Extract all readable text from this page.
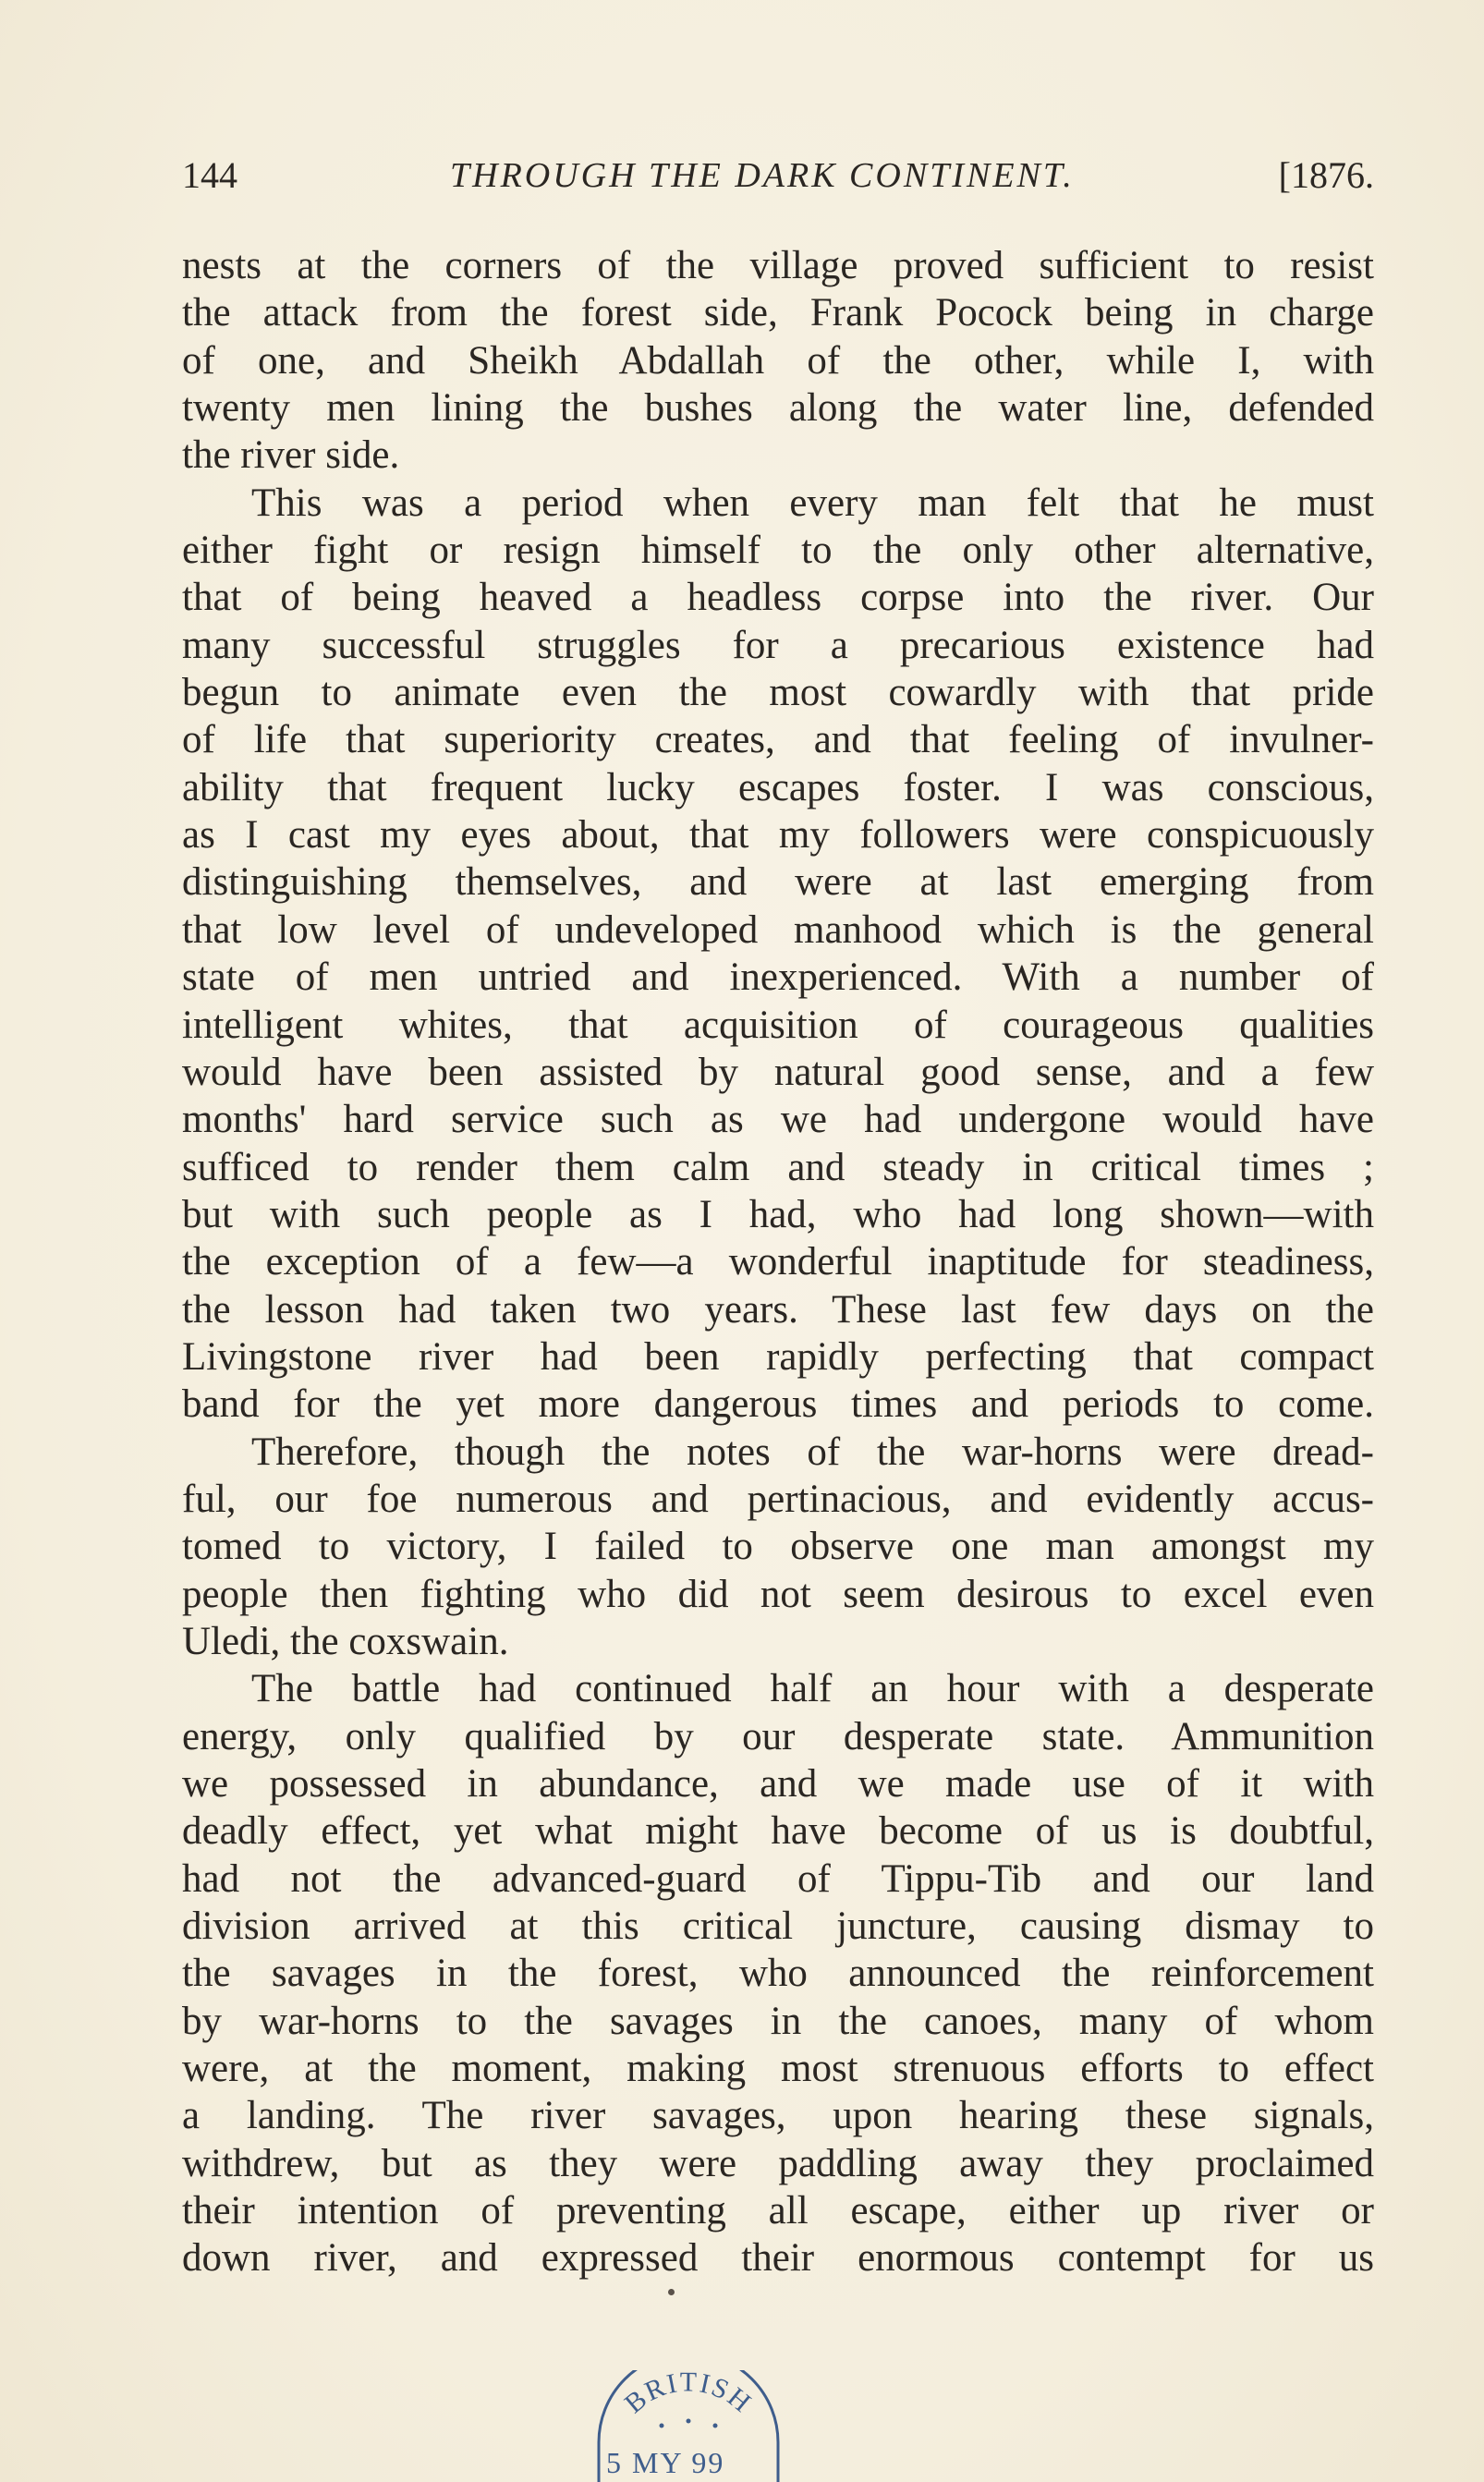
144	THROUGH THE DARK CONTINENT.	[1876.
nests at the corners of the village proved sufficient to resist
the attack from the forest side, Frank Pocock being in charge
of one, and Sheikh Abdallah of the other, while I, with
twenty men lining the bushes along the water line, defended
the river side.
This was a period when every man felt that he must
either fight or resign himself to the only other alternative,
that of being heaved a headless corpse into the river. Our
many successful struggles for a precarious existence had
begun to animate even the most cowardly with that pride
of life that superiority creates, and that feeling of invulner-
ability that frequent lucky escapes foster. I was conscious,
as I cast my eyes about, that my followers were conspicuously
distinguishing themselves, and were at last emerging from
that low level of undeveloped manhood which is the general
state of men untried and inexperienced. With a number of
intelligent whites, that acquisition of courageous qualities
would have been assisted by natural good sense, and a few
months' hard service such as we had undergone would have
sufficed to render them calm and steady in critical times ;
but with such people as I had, who had long shown—with
the exception of a few—a wonderful inaptitude for steadiness,
the lesson had taken two years. These last few days on the
Livingstone river had been rapidly perfecting that compact
band for the yet more dangerous times and periods to come.
Therefore, though the notes of the war-horns were dread-
ful, our foe numerous and pertinacious, and evidently accus-
tomed to victory, I failed to observe one man amongst my
people then fighting who did not seem desirous to excel even
Uledi, the coxswain.
The battle had continued half an hour with a desperate
energy, only qualified by our desperate state. Ammunition
we possessed in abundance, and we made use of it with
deadly effect, yet what might have become of us is doubtful,
had not the advanced-guard of Tippu-Tib and our land
division arrived at this critical juncture, causing dismay to
the savages in the forest, who announced the reinforcement
by war-horns to the savages in the canoes, many of whom
were, at the moment, making most strenuous efforts to effect
a landing. The river savages, upon hearing these signals,
withdrew, but as they were paddling away they proclaimed
their intention of preventing all escape, either up river or
down river, and expressed their enormous contempt for us
BRITISH
5 MY 99
